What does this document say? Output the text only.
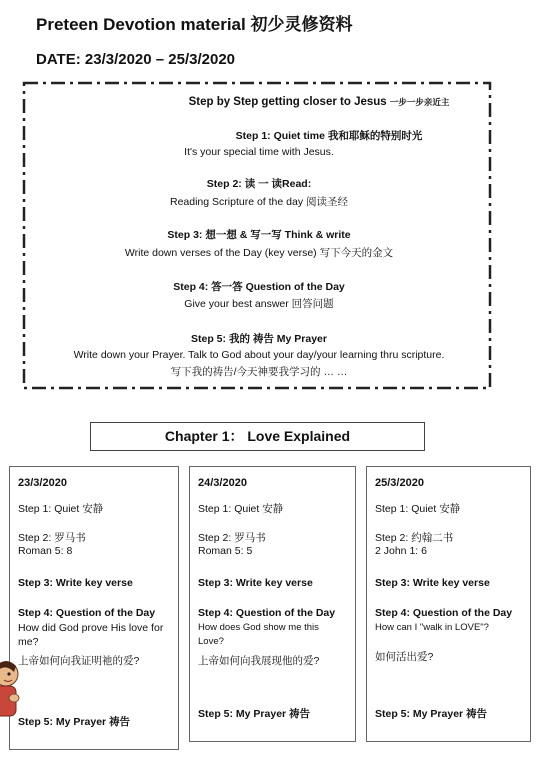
Preteen Devotion material 初少灵修资料
DATE: 23/3/2020 – 25/3/2020
Step by Step getting closer to Jesus 一步一步亲近主
Step 1: Quiet time 我和耶稣的特别时光
It's your special time with Jesus.
Step 2: 读 一 读Read:
Reading Scripture of the day 阅读圣经
Step 3: 想一想 & 写一写 Think & write
Write down verses of the Day (key verse) 写下今天的金文
Step 4: 答一答 Question of the Day
Give your best answer 回答问题
Step 5: 我的 祷告 My Prayer
Write down your Prayer. Talk to God about your day/your learning thru scripture.
写下我的祷告/今天神要我学习的 … …
Chapter 1： Love Explained
23/3/2020
Step 1: Quiet 安静
Step 2: 罗马书
Roman 5: 8
Step 3: Write key verse
Step 4: Question of the Day
How did God prove His love for me?
上帝如何向我证明祂的爱?
Step 5: My Prayer 祷告
24/3/2020
Step 1: Quiet 安静
Step 2: 罗马书
Roman 5: 5
Step 3: Write key verse
Step 4: Question of the Day
How does God show me this Love?
上帝如何向我展现他的爱?
Step 5: My Prayer 祷告
25/3/2020
Step 1: Quiet 安静
Step 2: 约翰二书
2 John 1: 6
Step 3: Write key verse
Step 4: Question of the Day
How can I "walk in LOVE"?
如何活出爱?
Step 5: My Prayer 祷告
